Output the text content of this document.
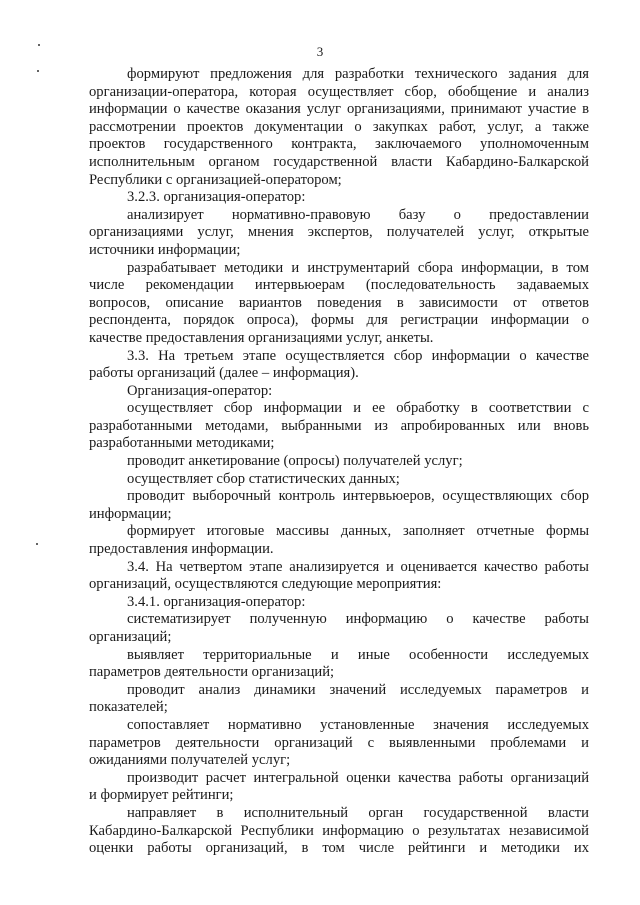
3
формируют предложения для разработки технического задания для
организации-оператора, которая осуществляет сбор, обобщение и анализ
информации о качестве оказания услуг организациями, принимают участие в
рассмотрении проектов документации о закупках работ, услуг, а также
проектов государственного контракта, заключаемого уполномоченным
исполнительным органом государственной власти Кабардино-Балкарской
Республики с организацией-оператором;
3.2.3. организация-оператор:
анализирует нормативно-правовую базу о предоставлении
организациями услуг, мнения экспертов, получателей услуг, открытые
источники информации;
разрабатывает методики и инструментарий сбора информации, в том
числе рекомендации интервьюерам (последовательность задаваемых
вопросов, описание вариантов поведения в зависимости от ответов
респондента, порядок опроса), формы для регистрации информации о
качестве предоставления организациями услуг, анкеты.
3.3. На третьем этапе осуществляется сбор информации о качестве
работы организаций (далее – информация).
Организация-оператор:
осуществляет сбор информации и ее обработку в соответствии с
разработанными методами, выбранными из апробированных или вновь
разработанными методиками;
проводит анкетирование (опросы) получателей услуг;
осуществляет сбор статистических данных;
проводит выборочный контроль интервьюеров, осуществляющих сбор
информации;
формирует итоговые массивы данных, заполняет отчетные формы
предоставления информации.
3.4. На четвертом этапе анализируется и оценивается качество работы
организаций, осуществляются следующие мероприятия:
3.4.1. организация-оператор:
систематизирует полученную информацию о качестве работы
организаций;
выявляет территориальные и иные особенности исследуемых
параметров деятельности организаций;
проводит анализ динамики значений исследуемых параметров и
показателей;
сопоставляет нормативно установленные значения исследуемых
параметров деятельности организаций с выявленными проблемами и
ожиданиями получателей услуг;
производит расчет интегральной оценки качества работы организаций
и формирует рейтинги;
направляет в исполнительный орган государственной власти
Кабардино-Балкарской Республики информацию о результатах независимой
оценки работы организаций, в том числе рейтинги и методики их
